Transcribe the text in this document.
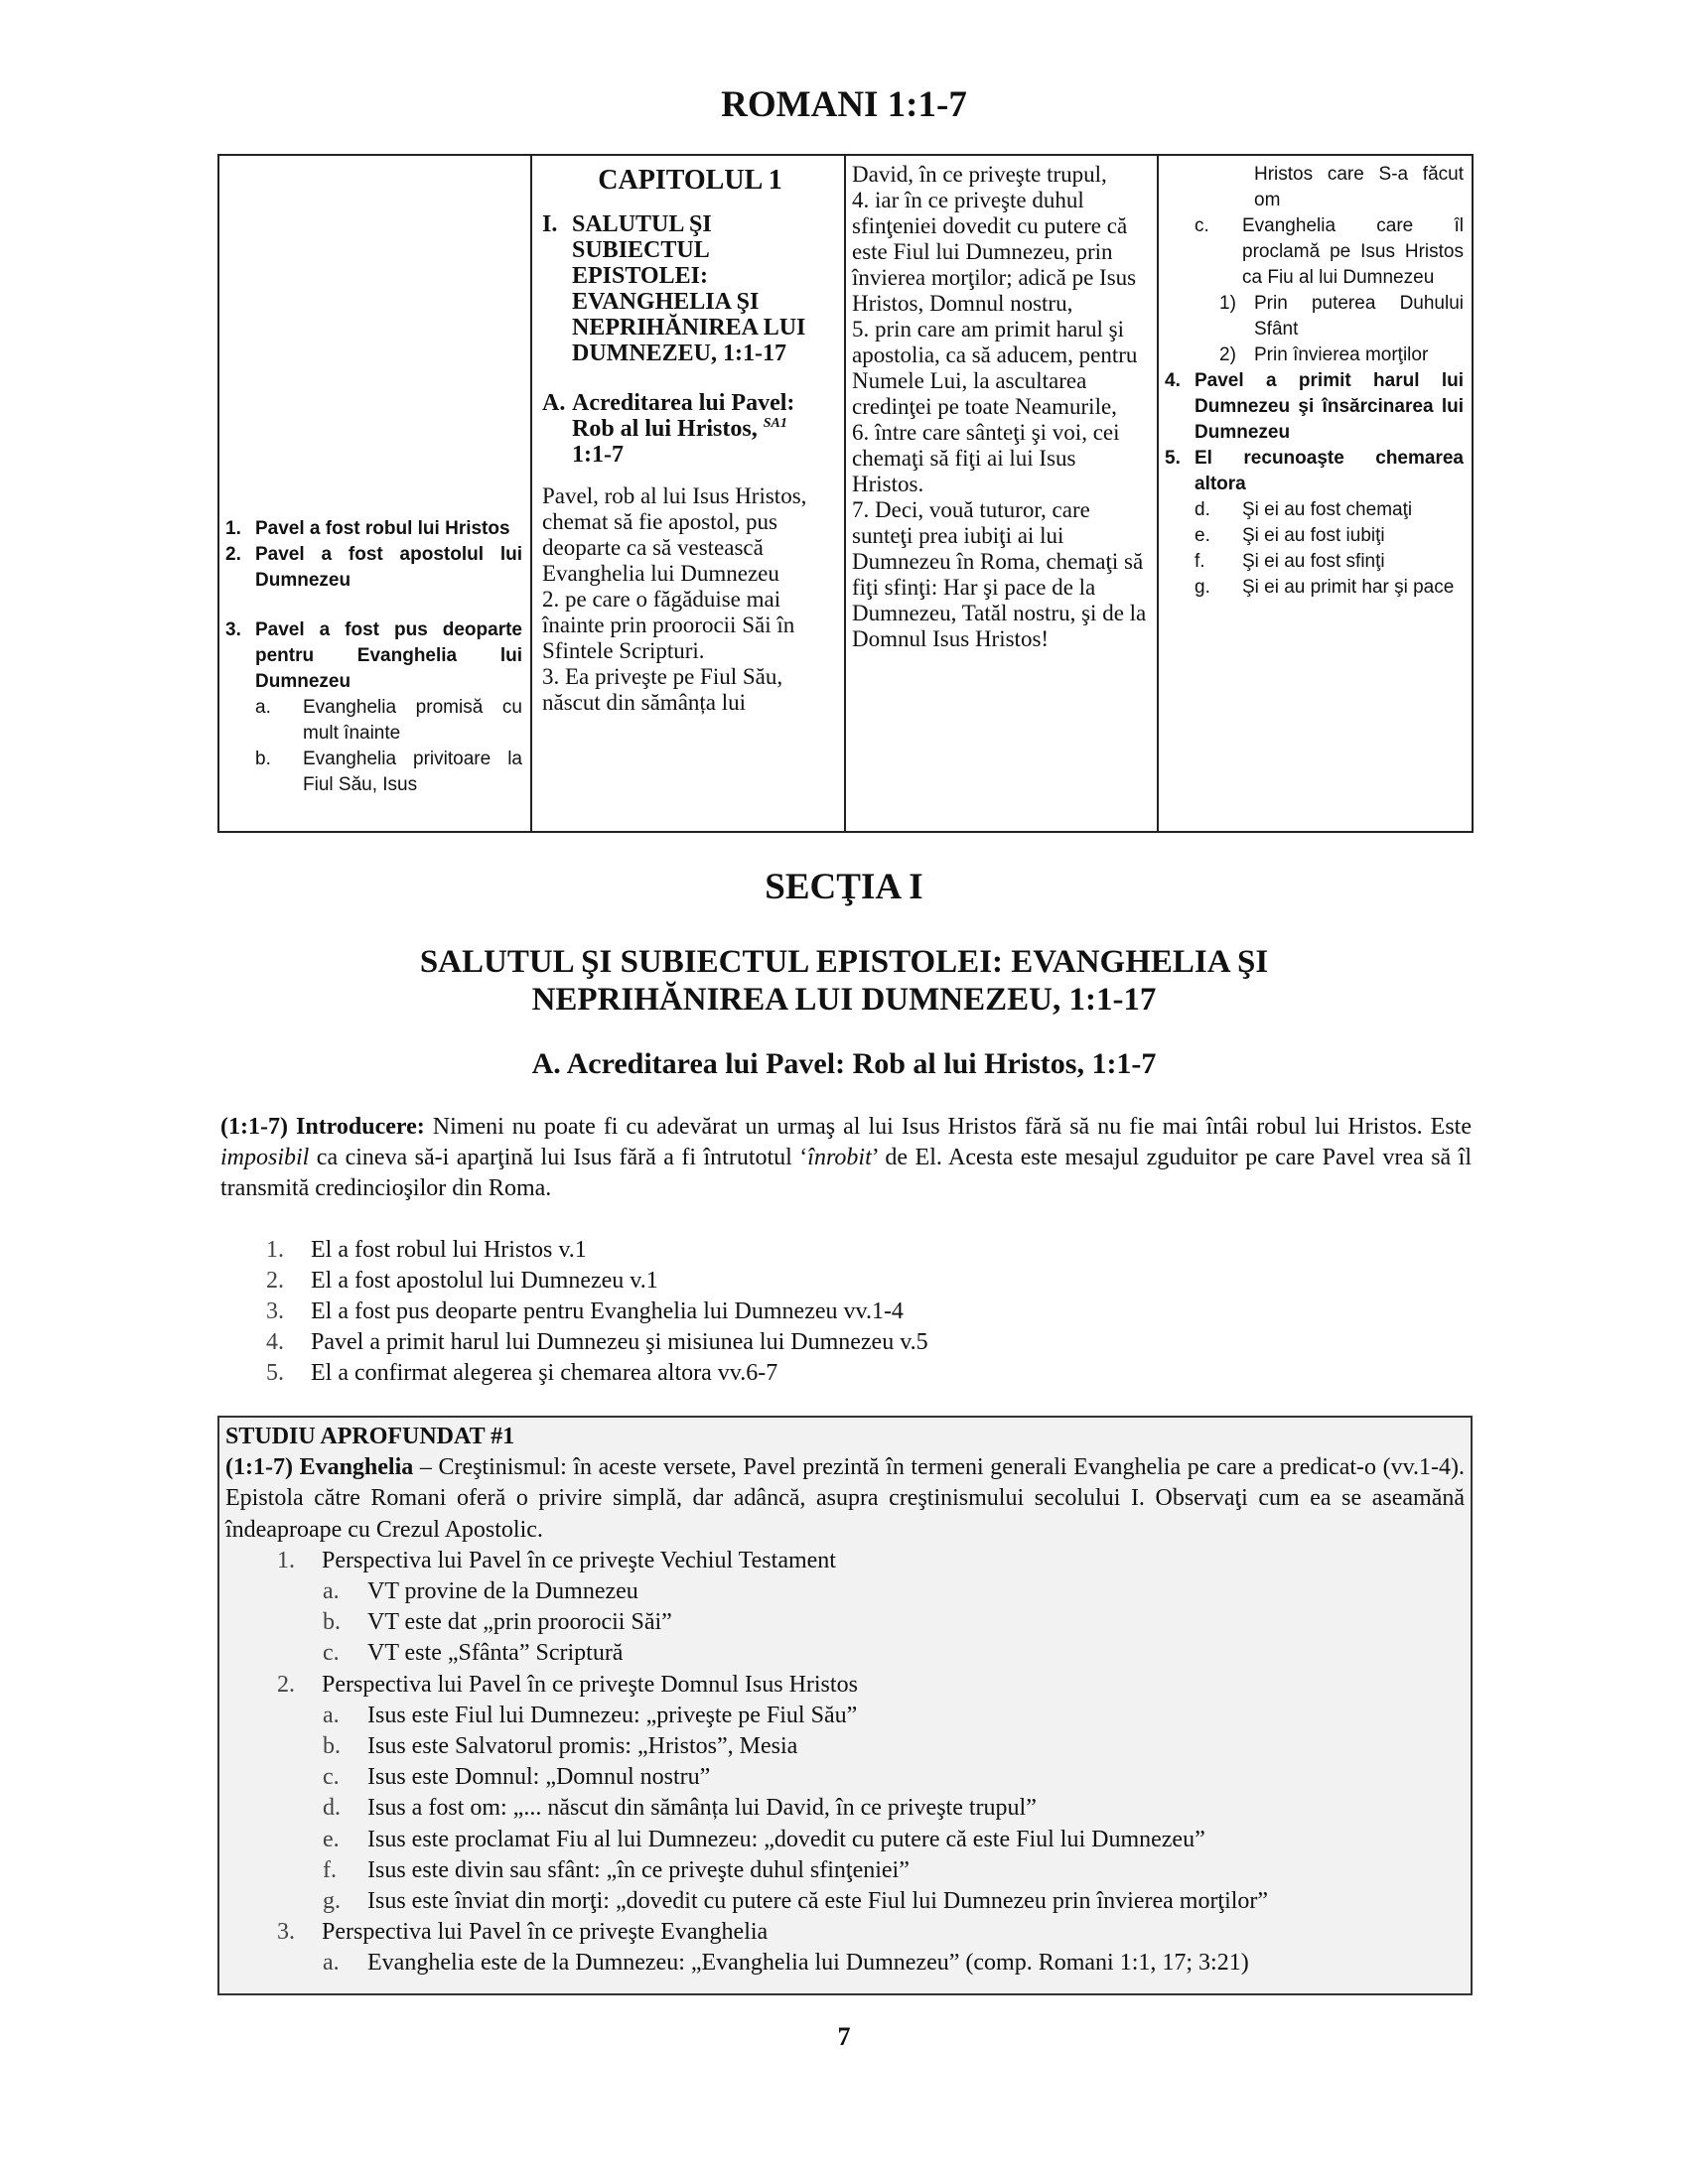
ROMANI 1:1-7
1. Pavel a fost robul lui Hristos
2. Pavel a fost apostolul lui Dumnezeu
3. Pavel a fost pus deoparte pentru Evanghelia lui Dumnezeu
a.	Evanghelia promisă cu mult înainte
b.	Evanghelia privitoare la Fiul Său, Isus
CAPITOLUL 1
I. SALUTUL ŞI SUBIECTUL EPISTOLEI: EVANGHELIA ŞI NEPRIHĂNIREA LUI DUMNEZEU, 1:1-17
A. Acreditarea lui Pavel: Rob al lui Hristos, $^{SA1}$
1:1-7
Pavel, rob al lui Isus Hristos, chemat să fie apostol, pus deoparte ca să vestească Evanghelia lui Dumnezeu
2. pe care o făgăduise mai înainte prin proorocii Săi în Sfintele Scripturi.
3. Ea priveşte pe Fiul Său, născut din sămânța lui
David, în ce priveşte trupul,
4. iar în ce priveşte duhul sfinţeniei dovedit cu putere că este Fiul lui Dumnezeu, prin învierea morţilor; adică pe Isus Hristos, Domnul nostru,
5. prin care am primit harul şi apostolia, ca să aducem, pentru Numele Lui, la ascultarea credinţei pe toate Neamurile,
6. între care sânteţi şi voi, cei chemaţi să fiţi ai lui Isus Hristos.
7. Deci, vouă tuturor, care sunteţi prea iubiţi ai lui Dumnezeu în Roma, chemaţi să fiţi sfinţi: Har şi pace de la Dumnezeu, Tatăl nostru, şi de la Domnul Isus Hristos!
Hristos care S-a făcut om
c.	Evanghelia care îl proclamă pe Isus Hristos ca Fiu al lui Dumnezeu
1) Prin puterea Duhului Sfânt
2) Prin învierea morţilor
4. Pavel a primit harul lui Dumnezeu şi însărcinarea lui Dumnezeu
5. El recunoaşte chemarea altora
d.	Şi ei au fost chemaţi
e.	Şi ei au fost iubiţi
f.	Şi ei au fost sfinţi
g.	Şi ei au primit har şi pace
SECŢIA I
SALUTUL ŞI SUBIECTUL EPISTOLEI: EVANGHELIA ŞI
NEPRIHĂNIREA LUI DUMNEZEU, 1:1-17
A. Acreditarea lui Pavel: Rob al lui Hristos, 1:1-7
(1:1-7) Introducere: Nimeni nu poate fi cu adevărat un urmaş al lui Isus Hristos fără să nu fie mai întâi robul lui Hristos. Este imposibil ca cineva să-i aparţină lui Isus fără a fi întrutotul ‘înrobit’ de El. Acesta este mesajul zguduitor pe care Pavel vrea să îl transmită credincioşilor din Roma.
1.	El a fost robul lui Hristos v.1
2.	El a fost apostolul lui Dumnezeu v.1
3.	El a fost pus deoparte pentru Evanghelia lui Dumnezeu vv.1-4
4.	Pavel a primit harul lui Dumnezeu şi misiunea lui Dumnezeu v.5
5.	El a confirmat alegerea şi chemarea altora vv.6-7
STUDIU APROFUNDAT #1
(1:1-7) Evanghelia – Creştinismul: în aceste versete, Pavel prezintă în termeni generali Evanghelia pe care a predicat-o (vv.1-4). Epistola către Romani oferă o privire simplă, dar adâncă, asupra creştinismului secolului I. Observaţi cum ea se aseamănă îndeaproape cu Crezul Apostolic.
1.	Perspectiva lui Pavel în ce priveşte Vechiul Testament
a.	VT provine de la Dumnezeu
b.	VT este dat „prin proorocii Săi”
c.	VT este „Sfânta” Scriptură
2.	Perspectiva lui Pavel în ce priveşte Domnul Isus Hristos
a.	Isus este Fiul lui Dumnezeu: „priveşte pe Fiul Său”
b.	Isus este Salvatorul promis: „Hristos”, Mesia
c.	Isus este Domnul: „Domnul nostru”
d.	Isus a fost om: „... născut din sămânța lui David, în ce priveşte trupul”
e.	Isus este proclamat Fiu al lui Dumnezeu: „dovedit cu putere că este Fiul lui Dumnezeu”
f.	Isus este divin sau sfânt: „în ce priveşte duhul sfinţeniei”
g.	Isus este înviat din morţi: „dovedit cu putere că este Fiul lui Dumnezeu prin învierea morţilor”
3.	Perspectiva lui Pavel în ce priveşte Evanghelia
a.	Evanghelia este de la Dumnezeu: „Evanghelia lui Dumnezeu” (comp. Romani 1:1, 17; 3:21)
7
